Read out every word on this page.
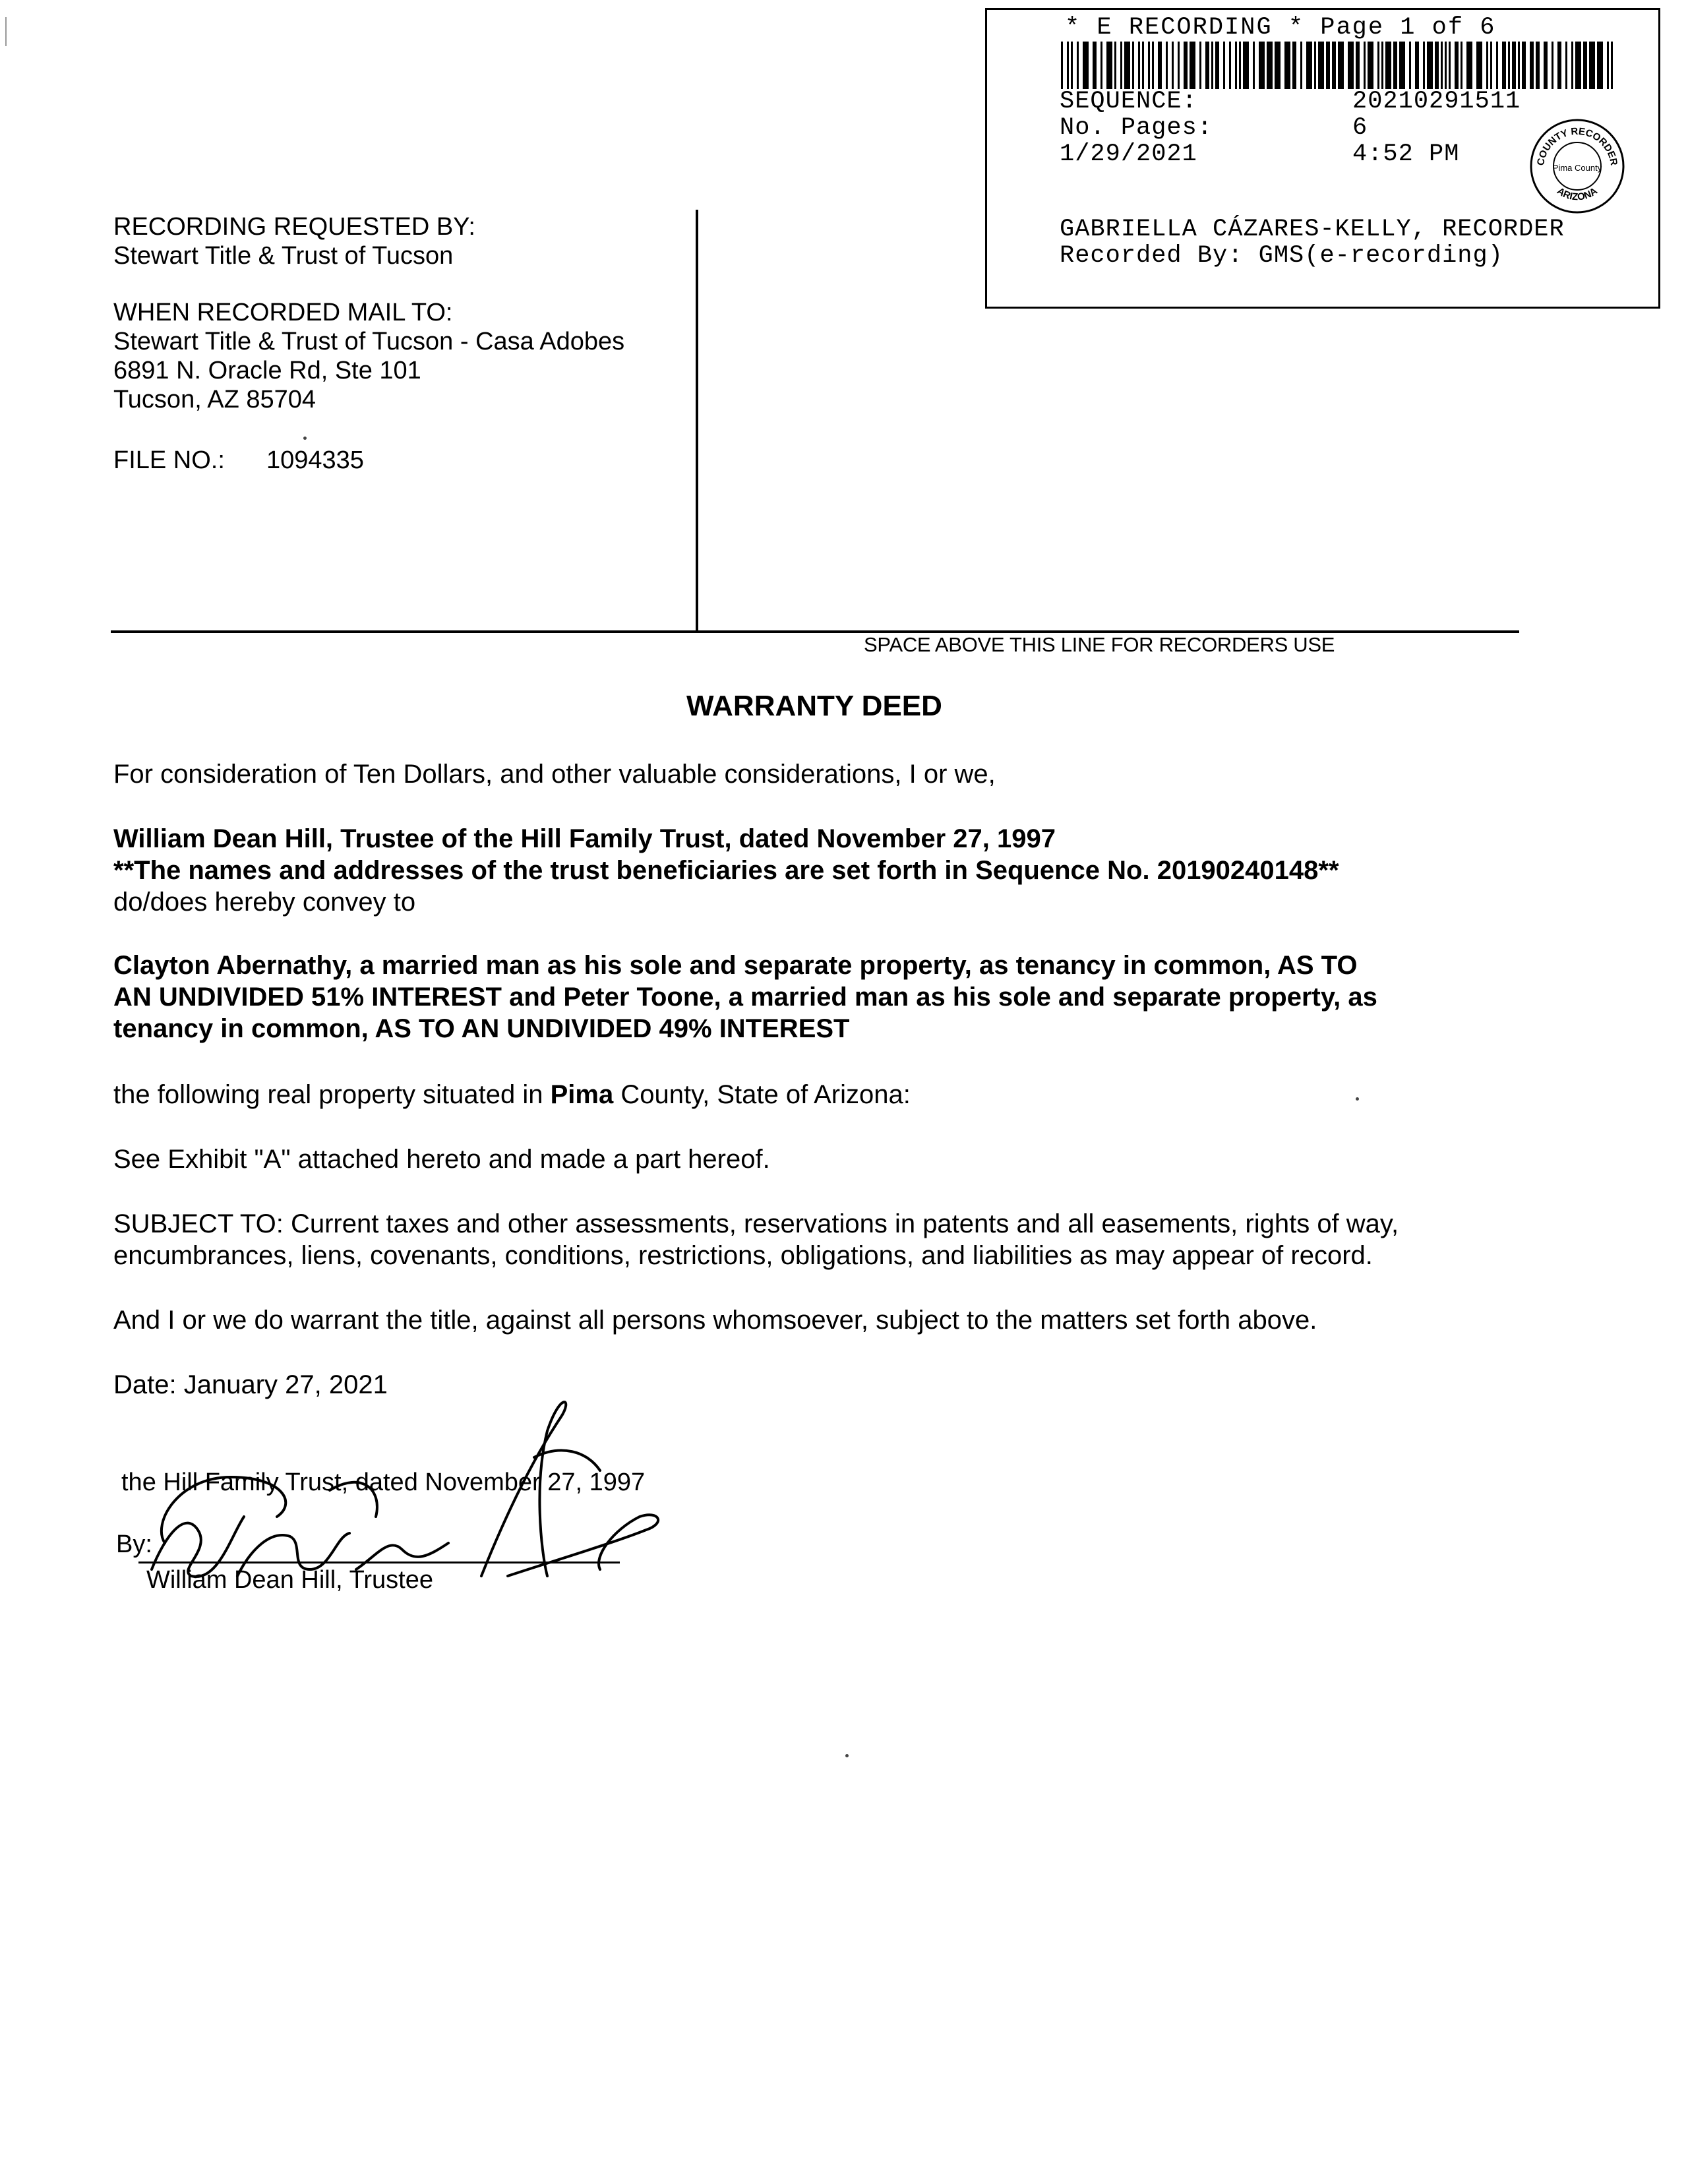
* E RECORDING * Page 1 of 6
SEQUENCE:	20210291511
No. Pages:	6
1/29/2021	4:52 PM	COUNTY RECORDER
ARIZONA
Pima County
GABRIELLA CÁZARES-KELLY, RECORDER
Recorded By: GMS(e-recording)
RECORDING REQUESTED BY:
Stewart Title & Trust of Tucson
WHEN RECORDED MAIL TO:
Stewart Title & Trust of Tucson - Casa Adobes
6891 N. Oracle Rd, Ste 101
Tucson, AZ 85704
FILE NO.: 1094335
SPACE ABOVE THIS LINE FOR RECORDERS USE
WARRANTY DEED
For consideration of Ten Dollars, and other valuable considerations, I or we,
William Dean Hill, Trustee of the Hill Family Trust, dated November 27, 1997
**The names and addresses of the trust beneficiaries are set forth in Sequence No. 20190240148**
do/does hereby convey to
Clayton Abernathy, a married man as his sole and separate property, as tenancy in common, AS TO
AN UNDIVIDED 51% INTEREST and Peter Toone, a married man as his sole and separate property, as
tenancy in common, AS TO AN UNDIVIDED 49% INTEREST
the following real property situated in Pima County, State of Arizona:
See Exhibit "A" attached hereto and made a part hereof.
SUBJECT TO: Current taxes and other assessments, reservations in patents and all easements, rights of way,
encumbrances, liens, covenants, conditions, restrictions, obligations, and liabilities as may appear of record.
And I or we do warrant the title, against all persons whomsoever, subject to the matters set forth above.
Date: January 27, 2021
the Hill Family Trust, dated November 27, 1997
By:
William Dean Hill, Trustee
